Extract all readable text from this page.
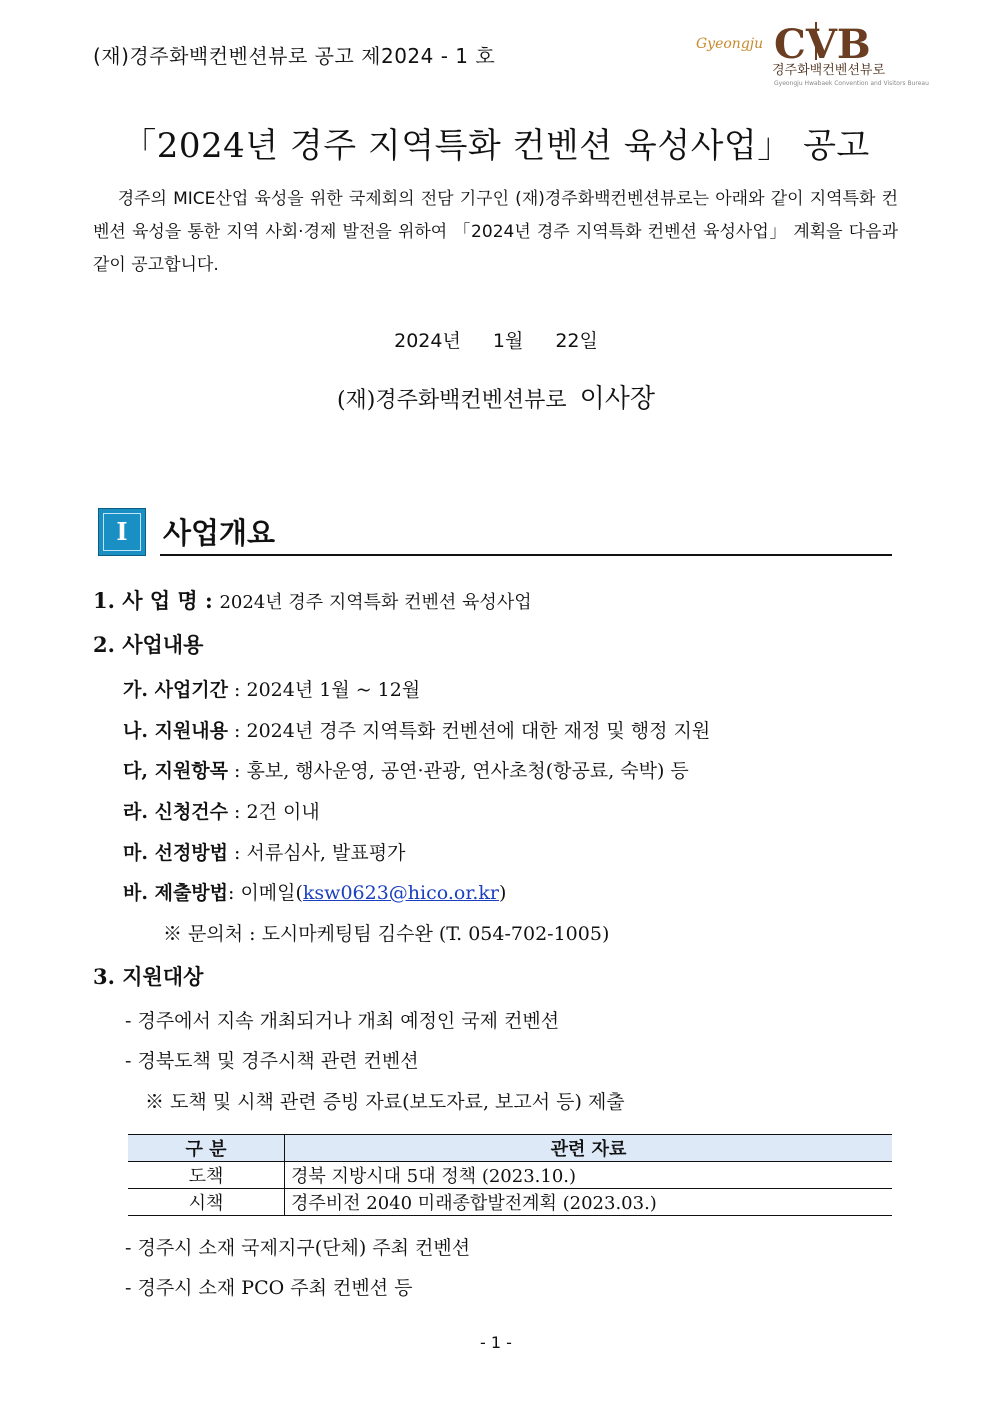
(재)경주화백컨벤션뷰로 공고 제2024 - 1 호	Gyeongju CVB
경주화백컨벤션뷰로
Gyeongju Hwabaek Convention and Visitors Bureau
「2024년 경주 지역특화 컨벤션 육성사업」 공고
경주의 MICE산업 육성을 위한 국제회의 전담 기구인 (재)경주화백컨벤션뷰로는 아래와 같이 지역특화 컨벤션 육성을 통한 지역 사회·경제 발전을 위하여 「2024년 경주 지역특화 컨벤션 육성사업」 계획을 다음과 같이 공고합니다.
2024년 1월 22일
(재)경주화백컨벤션뷰로 이사장
Ⅰ	사업개요
1. 사 업 명 : 2024년 경주 지역특화 컨벤션 육성사업
2. 사업내용
가. 사업기간 : 2024년 1월 ~ 12월
나. 지원내용 : 2024년 경주 지역특화 컨벤션에 대한 재정 및 행정 지원
다, 지원항목 : 홍보, 행사운영, 공연·관광, 연사초청(항공료, 숙박) 등
라. 신청건수 : 2건 이내
마. 선정방법 : 서류심사, 발표평가
바. 제출방법: 이메일(ksw0623@hico.or.kr)
※ 문의처 : 도시마케팅팀 김수완 (T. 054-702-1005)
3. 지원대상
- 경주에서 지속 개최되거나 개최 예정인 국제 컨벤션
- 경북도책 및 경주시책 관련 컨벤션
※ 도책 및 시책 관련 증빙 자료(보도자료, 보고서 등) 제출
구 분	관련 자료
도책	경북 지방시대 5대 정책 (2023.10.)
시책	경주비전 2040 미래종합발전계획 (2023.03.)
- 경주시 소재 국제지구(단체) 주최 컨벤션
- 경주시 소재 PCO 주최 컨벤션 등
- 1 -
